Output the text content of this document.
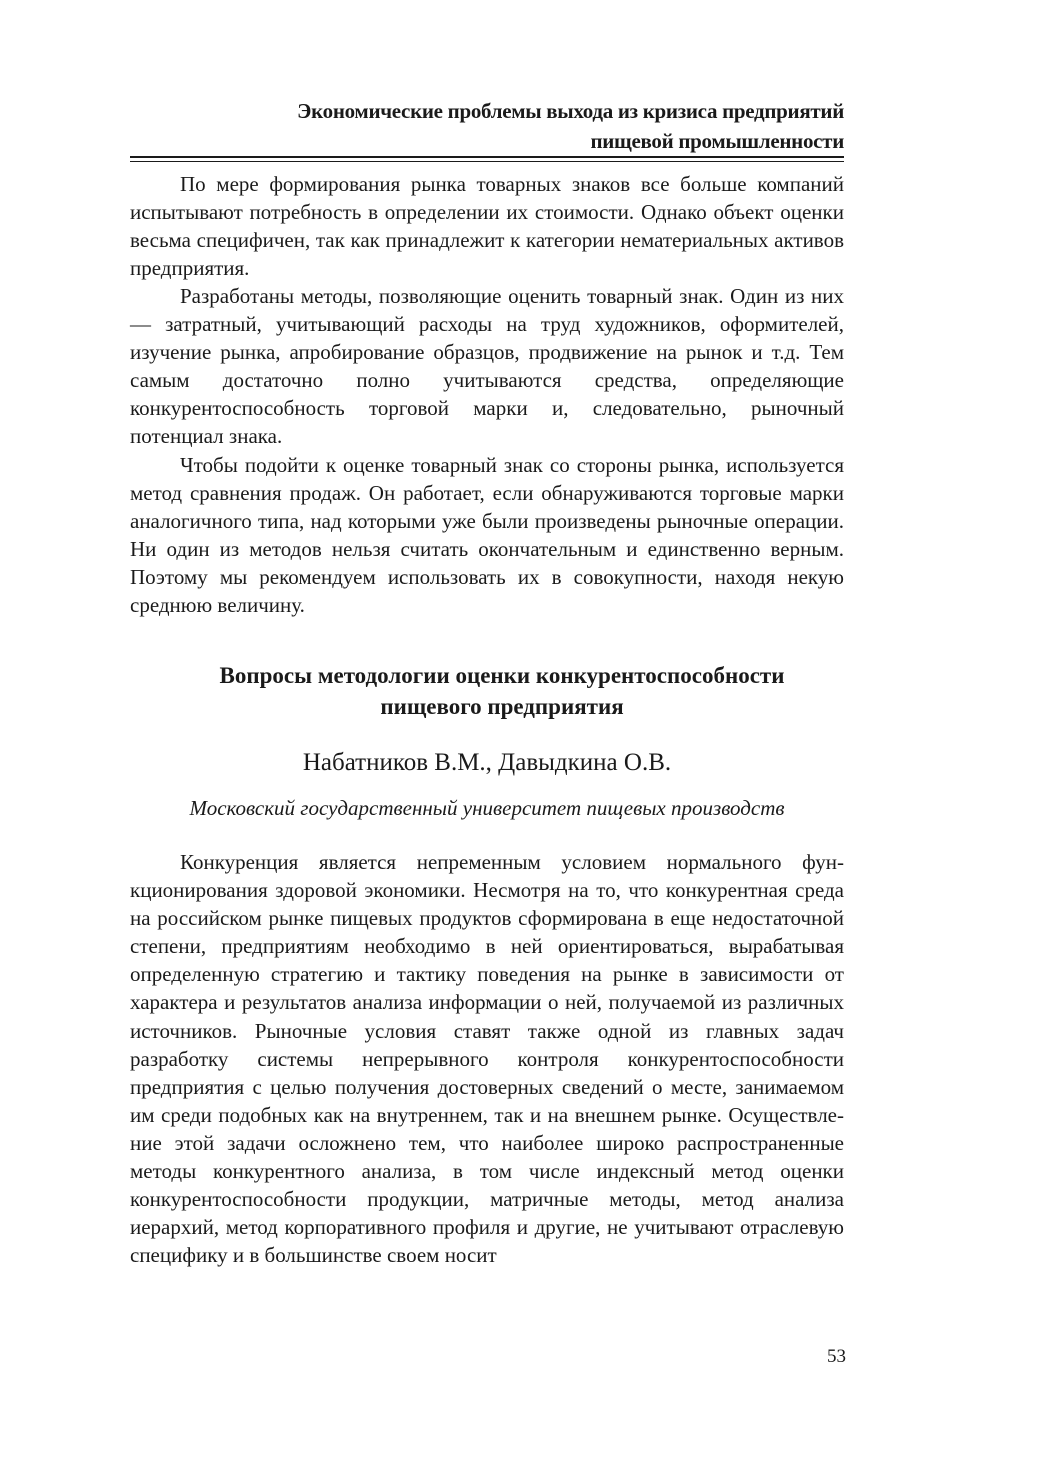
Экономические проблемы выхода из кризиса предприятий
пищевой промышленности

По мере формирования рынка товарных знаков все больше компаний испытывают потребность в определении их стоимости. Однако объект оценки весьма специфичен, так как принадлежит к категории нематериальных активов предприятия.

Разработаны методы, позволяющие оценить товарный знак. Один из них — затратный, учитывающий расходы на труд художников, оформителей, изучение рынка, апробирование образцов, продвижение на рынок и т.д. Тем самым достаточно полно учитываются средства, определяющие конкурентоспособность торговой марки и, следовательно, рыночный потенциал знака.

Чтобы подойти к оценке товарный знак со стороны рынка, используется метод сравнения продаж. Он работает, если обнаруживаются торговые марки аналогичного типа, над которыми уже были произведены рыночные операции. Ни один из методов нельзя считать окончательным и единственно верным. Поэтому мы рекомендуем использовать их в совокупности, находя некую среднюю величину.

Вопросы методологии оценки конкурентоспособности
пищевого предприятия
Набатников В.М., Давыдкина О.В.
Московский государственный университет пищевых производств

Конкуренция является непременным условием нормального функционирования здоровой экономики. Несмотря на то, что конкурентная среда на российском рынке пищевых продуктов сформирована в еще недостаточной степени, предприятиям необходимо в ней ориентироваться, вырабатывая определенную стратегию и тактику поведения на рынке в зависимости от характера и результатов анализа информации о ней, получаемой из различных источников. Рыночные условия ставят также одной из главных задач разработку системы непрерывного контроля конкурентоспособности предприятия с целью получения достоверных сведений о месте, занимаемом им среди подобных как на внутреннем, так и на внешнем рынке. Осуществление этой задачи осложнено тем, что наиболее широко распространенные методы конкурентного анализа, в том числе индексный метод оценки конкурентоспособности продукции, матричные методы, метод анализа иерархий, метод корпоративного профиля и другие, не учитывают отраслевую специфику и в большинстве своем носит

53
